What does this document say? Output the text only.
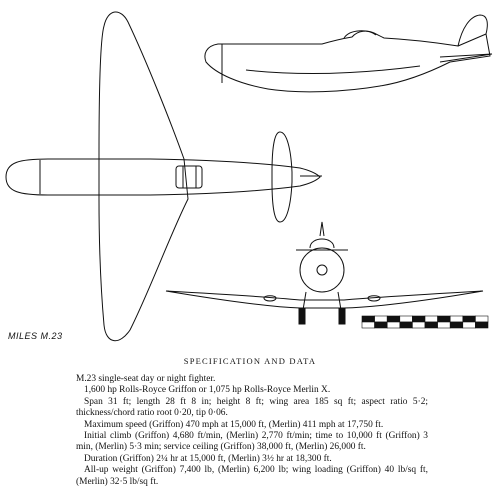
MILES M.23
SPECIFICATION AND DATA

M.23 single-seat day or night fighter.

1,600 hp Rolls-Royce Griffon or 1,075 hp Rolls-Royce Merlin X.

Span 31 ft; length 28 ft 8 in; height 8 ft; wing area 185 sq ft; aspect ratio 5·2; thickness/chord ratio root 0·20, tip 0·06.

Maximum speed (Griffon) 470 mph at 15,000 ft, (Merlin) 411 mph at 17,750 ft.

Initial climb (Griffon) 4,680 ft/min, (Merlin) 2,770 ft/min; time to 10,000 ft (Griffon) 3 min, (Merlin) 5·3 min; service ceiling (Griffon) 38,000 ft, (Merlin) 26,000 ft.

Duration (Griffon) 2¼ hr at 15,000 ft, (Merlin) 3½ hr at 18,300 ft.

All-up weight (Griffon) 7,400 lb, (Merlin) 6,200 lb; wing loading (Griffon) 40 lb/sq ft, (Merlin) 32·5 lb/sq ft.
